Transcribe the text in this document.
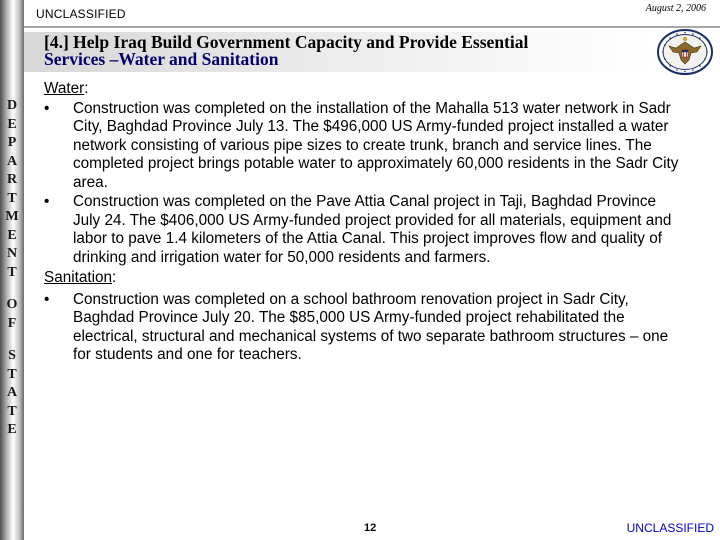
D
E
P
A
R
T
M
E
N
T
O
F
S
T
A
T
E
UNCLASSIFIED	August 2, 2006
[4.] Help Iraq Build Government Capacity and Provide Essential
Services –Water and Sanitation
Water:
• Construction was completed on the installation of the Mahalla 513 water network in Sadr City, Baghdad Province July 13. The $496,000 US Army-funded project installed a water network consisting of various pipe sizes to create trunk, branch and service lines. The completed project brings potable water to approximately 60,000 residents in the Sadr City area.
• Construction was completed on the Pave Attia Canal project in Taji, Baghdad Province July 24. The $406,000 US Army-funded project provided for all materials, equipment and labor to pave 1.4 kilometers of the Attia Canal. This project improves flow and quality of drinking and irrigation water for 50,000 residents and farmers.
Sanitation:
• Construction was completed on a school bathroom renovation project in Sadr City, Baghdad Province July 20. The $85,000 US Army-funded project rehabilitated the electrical, structural and mechanical systems of two separate bathroom structures – one for students and one for teachers.
12	UNCLASSIFIED
